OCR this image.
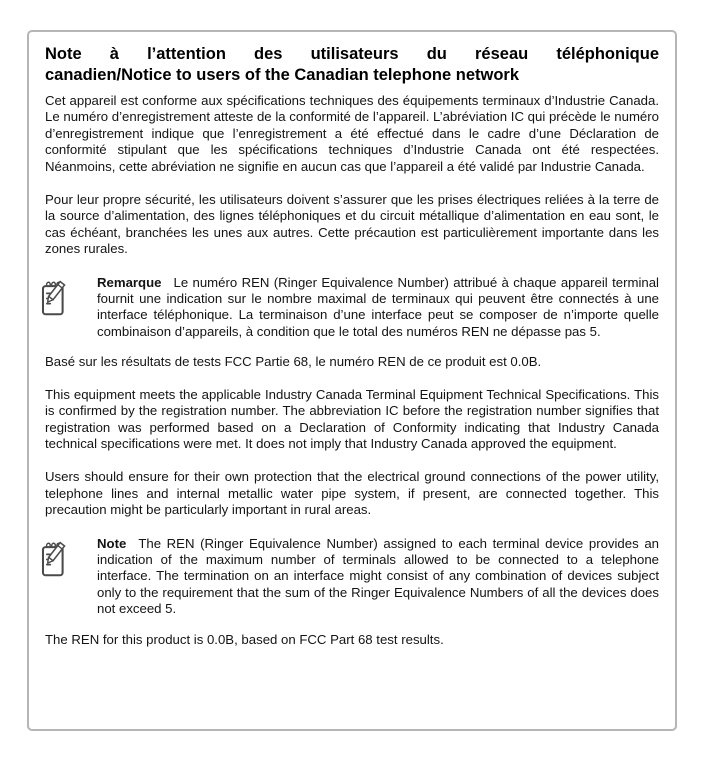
Note à l’attention des utilisateurs du réseau téléphonique
canadien/Notice to users of the Canadian telephone network

Cet appareil est conforme aux spécifications techniques des équipements terminaux d’Industrie Canada. Le numéro d’enregistrement atteste de la conformité de l’appareil. L’abréviation IC qui précède le numéro d’enregistrement indique que l’enregistrement a été effectué dans le cadre d’une Déclaration de conformité stipulant que les spécifications techniques d’Industrie Canada ont été respectées. Néanmoins, cette abréviation ne signifie en aucun cas que l’appareil a été validé par Industrie Canada.

Pour leur propre sécurité, les utilisateurs doivent s’assurer que les prises électriques reliées à la terre de la source d’alimentation, des lignes téléphoniques et du circuit métallique d’alimentation en eau sont, le cas échéant, branchées les unes aux autres. Cette précaution est particulièrement importante dans les zones rurales.

Remarque Le numéro REN (Ringer Equivalence Number) attribué à chaque appareil terminal fournit une indication sur le nombre maximal de terminaux qui peuvent être connectés à une interface téléphonique. La terminaison d’une interface peut se composer de n’importe quelle combinaison d’appareils, à condition que le total des numéros REN ne dépasse pas 5.

Basé sur les résultats de tests FCC Partie 68, le numéro REN de ce produit est 0.0B.

This equipment meets the applicable Industry Canada Terminal Equipment Technical Specifications. This is confirmed by the registration number. The abbreviation IC before the registration number signifies that registration was performed based on a Declaration of Conformity indicating that Industry Canada technical specifications were met. It does not imply that Industry Canada approved the equipment.

Users should ensure for their own protection that the electrical ground connections of the power utility, telephone lines and internal metallic water pipe system, if present, are connected together. This precaution might be particularly important in rural areas.

Note The REN (Ringer Equivalence Number) assigned to each terminal device provides an indication of the maximum number of terminals allowed to be connected to a telephone interface. The termination on an interface might consist of any combination of devices subject only to the requirement that the sum of the Ringer Equivalence Numbers of all the devices does not exceed 5.

The REN for this product is 0.0B, based on FCC Part 68 test results.
